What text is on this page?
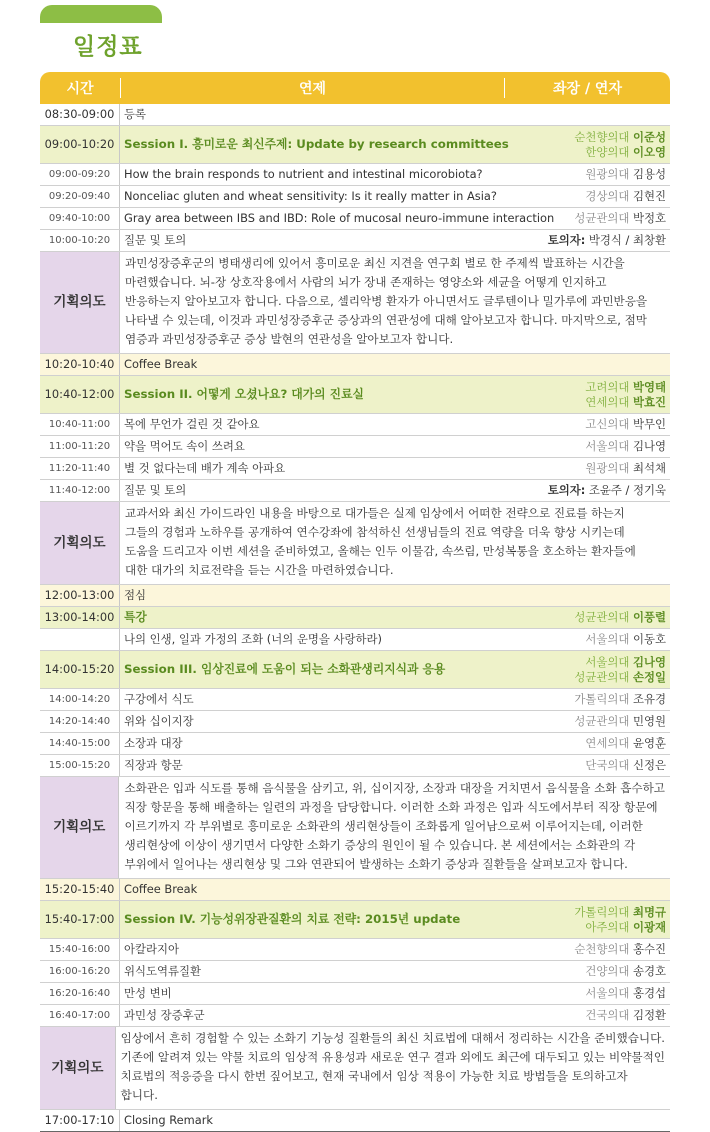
일정표
시간	연제	좌장 / 연자
08:30-09:00 등록
09:00-10:20 Session I. 흥미로운 최신주제: Update by research committees
순천향의대 이준성
한양의대 이오영
09:00-09:20	How the brain responds to nutrient and intestinal micorobiota?	원광의대 김용성
09:20-09:40	Nonceliac gluten and wheat sensitivity: Is it really matter in Asia?	경상의대 김현진
09:40-10:00	Gray area between IBS and IBD: Role of mucosal neuro-immune interaction	성균관의대 박정호
10:00-10:20	질문 및 토의	토의자: 박경식 / 최창환
기획의도
과민성장증후군의 병태생리에 있어서 흥미로운 최신 지견을 연구회 별로 한 주제씩 발표하는 시간을
마련했습니다. 뇌-장 상호작용에서 사람의 뇌가 장내 존재하는 영양소와 세균을 어떻게 인지하고
반응하는지 알아보고자 합니다. 다음으로, 셀리악병 환자가 아니면서도 글루텐이나 밀가루에 과민반응을
나타낼 수 있는데, 이것과 과민성장증후군 증상과의 연관성에 대해 알아보고자 합니다. 마지막으로, 점막
염증과 과민성장증후군 증상 발현의 연관성을 알아보고자 합니다.
10:20-10:40 Coffee Break
10:40-12:00 Session II. 어떻게 오셨나요? 대가의 진료실
고려의대 박영태
연세의대 박효진
10:40-11:00	목에 무언가 걸린 것 같아요	고신의대 박무인
11:00-11:20	약을 먹어도 속이 쓰려요	서울의대 김나영
11:20-11:40	별 것 없다는데 배가 계속 아파요	원광의대 최석채
11:40-12:00	질문 및 토의	토의자: 조윤주 / 정기욱
기획의도
교과서와 최신 가이드라인 내용을 바탕으로 대가들은 실제 임상에서 어떠한 전략으로 진료를 하는지
그들의 경험과 노하우를 공개하여 연수강좌에 참석하신 선생님들의 진료 역량을 더욱 향상 시키는데
도움을 드리고자 이번 세션을 준비하였고, 올해는 인두 이물감, 속쓰림, 만성복통을 호소하는 환자들에
대한 대가의 치료전략을 듣는 시간을 마련하였습니다.
12:00-13:00 점심
13:00-14:00 특강	성균관의대 이풍렬
나의 인생, 일과 가정의 조화 (너의 운명을 사랑하라)	서울의대 이동호
14:00-15:20 Session III. 임상진료에 도움이 되는 소화관생리지식과 응용
서울의대 김나영
성균관의대 손정일
14:00-14:20	구강에서 식도	가톨릭의대 조유경
14:20-14:40	위와 십이지장	성균관의대 민영원
14:40-15:00	소장과 대장	연세의대 윤영훈
15:00-15:20	직장과 항문	단국의대 신정은
기획의도
소화관은 입과 식도를 통해 음식물을 삼키고, 위, 십이지장, 소장과 대장을 거치면서 음식물을 소화 흡수하고
직장 항문을 통해 배출하는 일련의 과정을 담당합니다. 이러한 소화 과정은 입과 식도에서부터 직장 항문에
이르기까지 각 부위별로 흥미로운 소화관의 생리현상들이 조화롭게 일어남으로써 이루어지는데, 이러한
생리현상에 이상이 생기면서 다양한 소화기 증상의 원인이 될 수 있습니다. 본 세션에서는 소화관의 각
부위에서 일어나는 생리현상 및 그와 연관되어 발생하는 소화기 증상과 질환들을 살펴보고자 합니다.
15:20-15:40 Coffee Break
15:40-17:00 Session IV. 기능성위장관질환의 치료 전략: 2015년 update
가톨릭의대 최명규
아주의대 이광재
15:40-16:00	아칼라지아	순천향의대 홍수진
16:00-16:20	위식도역류질환	건양의대 송경호
16:20-16:40	만성 변비	서울의대 홍경섭
16:40-17:00	과민성 장증후군	건국의대 김정환
기획의도
임상에서 흔히 경험할 수 있는 소화기 기능성 질환들의 최신 치료법에 대해서 정리하는 시간을 준비했습니다.
기존에 알려져 있는 약물 치료의 임상적 유용성과 새로운 연구 결과 외에도 최근에 대두되고 있는 비약물적인
치료법의 적응증을 다시 한번 짚어보고, 현재 국내에서 임상 적용이 가능한 치료 방법들을 토의하고자
합니다.
17:00-17:10 Closing Remark
